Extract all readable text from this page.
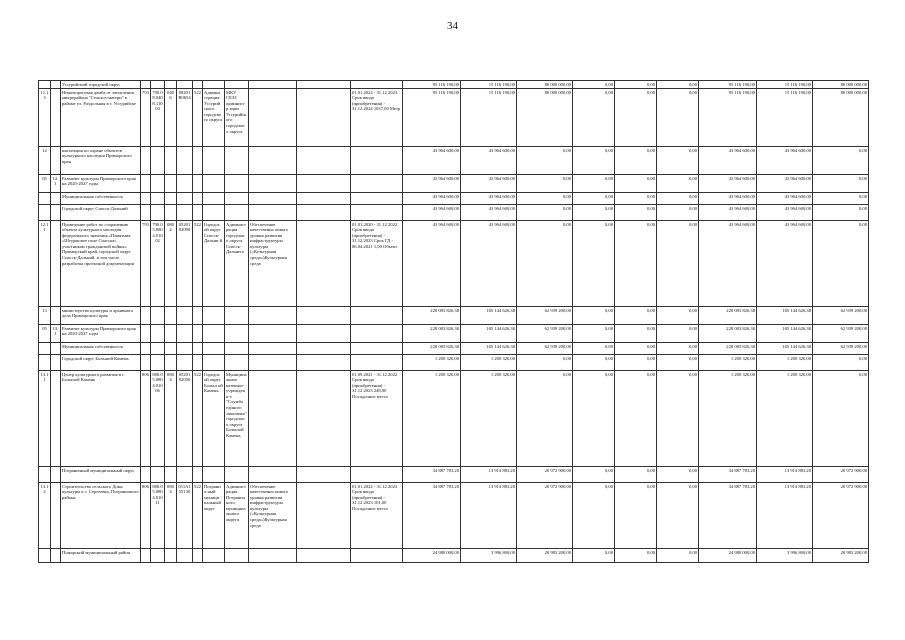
34
		Уссурийский городской округ											95 116 190,00	15 116 190,00	80 000 000,00	0,00	0,00	0,00	95 116 190,00	15 116 190,00	80 000 000,00
11.1 3		Нижепороговая дамба от затопления микрорайона "Сельхоз-матери" в районе ул. Раздольная в г. Уссурийске	793	790.0 8.040 8.110 04	0406	08201 R0654	522	Админи страция Уссурий ского городско го округа	МКУ СЕЗЗ администр ации Уссурийск ого городского округа			01.01.2022 - 31.12.2023 Срок ввода (приобретения) - 31.12.2024 1637,00 Метр	95 116 190,00	15 116 190,00	80 000 000,00	0,00	0,00	0,00	95 116 190,00	15 116 190,00	80 000 000,00
12		инспекция по охране объектов культурного наследия Приморского края											43 964 600,00	43 964 600,00	0,00	0,00	0,00	0,00	43 964 600,00	43 964 600,00	0,00
05	12.1	Развитие культуры Приморского края на 2020-2027 годы											43 964 600,00	43 964 600,00	0,00	0,00	0,00	0,00	43 964 600,00	43 964 600,00	0,00
		Муниципальная собственность											43 964 600,00	43 964 600,00	0,00	0,00	0,00	0,00	43 964 600,00	43 964 600,00	0,00
		Городской округ Спасск-Дальний											43 964 600,00	43 964 600,00	0,00	0,00	0,00	0,00	43 964 600,00	43 964 600,00	0,00
12.1 1		Проведение работ по сохранению объекта культурного наследия федерального значения «Памятник «Штурмовое поле Спасска» участникам гражданской войны» Приморский край, городской округ Спасск-Дальний, в том числе разработка проектной документации	793	790.0 5.080 4.010 02	0804	05201 92090	522	Городск ой округ Спасск-Дальни й	Админист рация городского округа Спасск-Дальнего	Обеспечение качественно нового уровня развития инфраструктуры культуры («Культурная среда»)Культурная среда		01.01.2020 - 31.12.2022 Срок ввода (приобретения) - 31.12.2023 Срок ГД - 06.04.2021 1,00 Объект	43 964 600,00	43 964 600,00	0,00	0,00	0,00	0,00	43 964 600,00	43 964 600,00	0,00
13		министерство культуры и архивного дела Приморского края											228 083 826,38	165 144 626,38	62 939 200,00	0,00	0,00	0,00	228 083 826,38	165 144 626,38	62 939 200,00
05	13.1	Развитие культуры Приморского края на 2020-2027 годы											228 083 826,38	165 144 626,38	62 939 200,00	0,00	0,00	0,00	228 083 826,38	165 144 626,38	62 939 200,00
		Муниципальная собственность											228 083 826,38	165 144 626,38	62 939 200,00	0,00	0,00	0,00	228 083 826,38	165 144 626,38	62 939 200,00
		Городской округ Большой Камень											1 200 320,00	1 200 320,00	0,00	0,00	0,00	0,00	1 200 320,00	1 200 320,00	0,00
13.1 1		Центр культурного развития в г. Большой Камень	806	806.0 5.080 4.010 06	0804	05201 92050	522	Городск ой округ Больш ой Камень	Муниципа льное казенное учреждени е "Служба единого заказчика" городского округа Большой Камень			01.09.2021 - 31.12.2022 Срок ввода (приобретения) - 31.12.2023 248,00 Посадочное место	1 200 320,00	1 200 320,00	0,00	0,00	0,00	0,00	1 200 320,00	1 200 320,00	0,00
		Пограничный муниципальный округ											34 887 783,20	13 914 883,20	20 972 900,00	0,00	0,00	0,00	34 887 783,20	13 914 883,20	20 972 900,00
13.1 2		Строительство сельского Дома культуры в с. Сергеевка, Пограничного района	806	806.0 5.080 4.010 11	0804	051А1 55130	522	Погранич ный муници пальный округ	Админист рация Пограничного муниципального округа	Обеспечение качественно нового уровня развития инфраструктуры культуры («Культурная среда»)Культурная среда		01.01.2022 - 31.12.2023 Срок ввода (приобретения) - 31.12.2023 101,00 Посадочное место	34 887 783,20	13 914 883,20	20 972 900,00	0,00	0,00	0,00	34 887 783,20	13 914 883,20	20 972 900,00
		Пожарский муниципальный район											24 980 000,00	3 996 800,00	20 983 200,00	0,00	0,00	0,00	24 980 000,00	3 996 800,00	20 983 200,00
